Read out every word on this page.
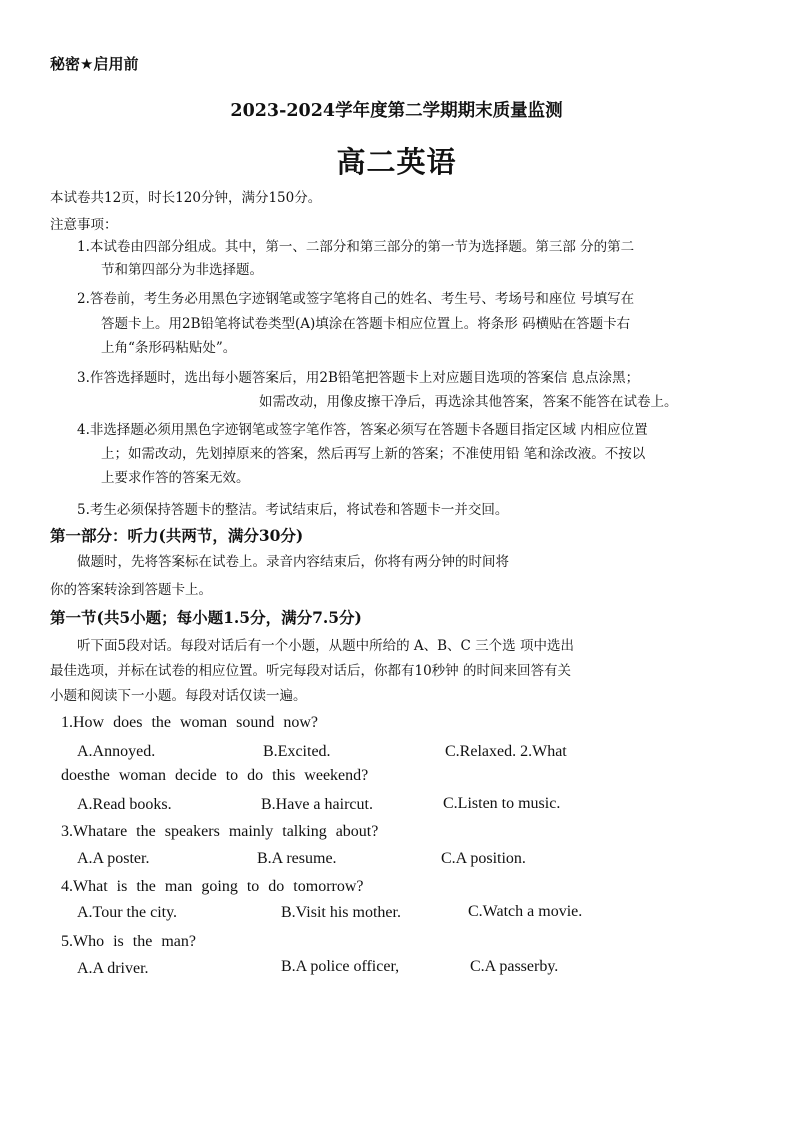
秘密★启用前
2023-2024学年度第二学期期末质量监测
高二英语
本试卷共12页，时长120分钟，满分150分。
注意事项：
1.本试卷由四部分组成。其中，第一、二部分和第三部分的第一节为选择题。第三部 分的第二
节和第四部分为非选择题。
2.答卷前，考生务必用黑色字迹钢笔或签字笔将自己的姓名、考生号、考场号和座位 号填写在
答题卡上。用2B铅笔将试卷类型(A)填涂在答题卡相应位置上。将条形 码横贴在答题卡右
上角“条形码粘贴处”。
3.作答选择题时，选出每小题答案后，用2B铅笔把答题卡上对应题目选项的答案信 息点涂黑；
如需改动，用像皮擦干净后，再选涂其他答案，答案不能答在试卷上。
4.非选择题必须用黑色字迹钢笔或签字笔作答，答案必须写在答题卡各题目指定区域 内相应位置
上；如需改动，先划掉原来的答案，然后再写上新的答案；不准使用铅 笔和涂改液。不按以
上要求作答的答案无效。
5.考生必须保持答题卡的整洁。考试结束后，将试卷和答题卡一并交回。
第一部分：听力(共两节，满分30分)
做题时，先将答案标在试卷上。录音内容结束后，你将有两分钟的时间将
你的答案转涂到答题卡上。
第一节(共5小题；每小题1.5分，满分7.5分)
听下面5段对话。每段对话后有一个小题，从题中所给的 A、B、C 三个选 项中选出
最佳选项，并标在试卷的相应位置。听完每段对话后，你都有10秒钟 的时间来回答有关
小题和阅读下一小题。每段对话仅读一遍。
1.How does the woman sound now?
A.Annoyed.	B.Excited.	C.Relaxed. 2.What
doesthe woman decide to do this weekend?
A.Read books.	B.Have a haircut.	C.Listen to music.
3.Whatare the speakers mainly talking about?
A.A poster.	B.A resume.	C.A position.
4.What is the man going to do tomorrow?
A.Tour the city.	B.Visit his mother.	C.Watch a movie.
5.Who is the man?
A.A driver.	B.A police officer,	C.A passerby.
